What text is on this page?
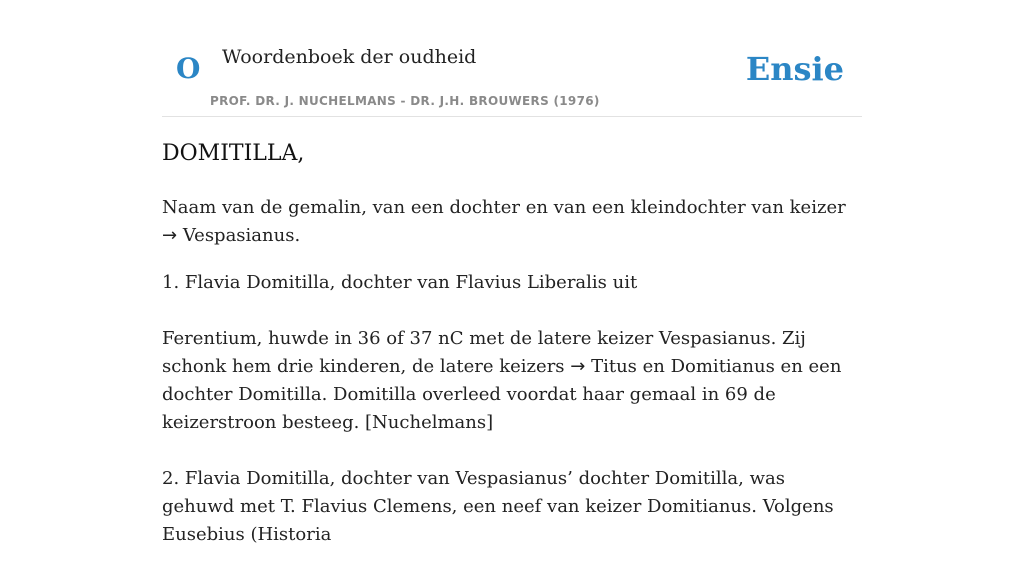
O Woordenboek der oudheid
PROF. DR. J. NUCHELMANS - DR. J.H. BROUWERS (1976)
Ensie
DOMITILLA,

Naam van de gemalin, van een dochter en van een kleindochter van keizer → Vespasianus.

1. Flavia Domitilla, dochter van Flavius Liberalis uit

Ferentium, huwde in 36 of 37 nC met de latere keizer Vespasianus. Zij schonk hem drie kinderen, de latere keizers → Titus en Domitianus en een dochter Domitilla. Domitilla overleed voordat haar gemaal in 69 de keizerstroon besteeg. [Nuchelmans]

2. Flavia Domitilla, dochter van Vespasianus’ dochter Domitilla, was gehuwd met T. Flavius Clemens, een neef van keizer Domitianus. Volgens Eusebius (Historia
